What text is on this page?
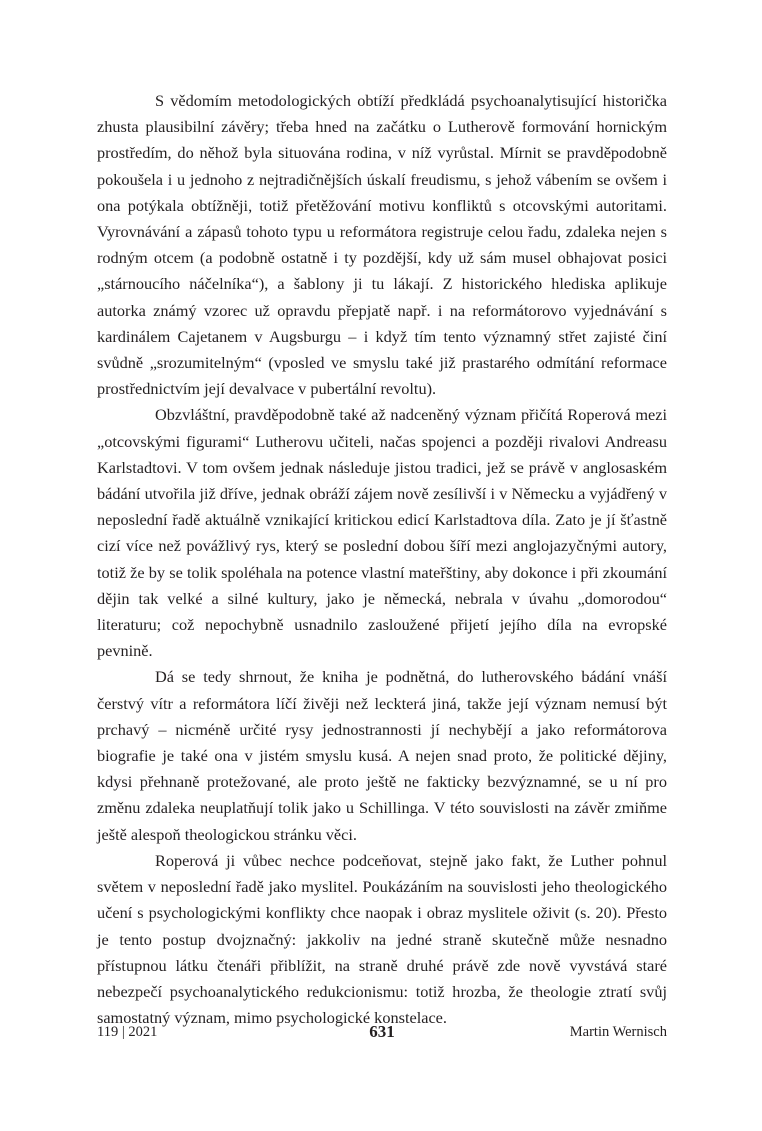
S vědomím metodologických obtíží předkládá psychoanalytisující historička zhusta plausibilní závěry; třeba hned na začátku o Lutherově formování hornickým prostředím, do něhož byla situována rodina, v níž vyrůstal. Mírnit se pravděpodobně pokoušela i u jednoho z nejtradičnějších úskalí freudismu, s jehož vábením se ovšem i ona potýkala obtížněji, totiž přetěžování motivu konfliktů s otcovskými autoritami. Vyrovnávání a zápasů tohoto typu u reformátora registruje celou řadu, zdaleka nejen s rodným otcem (a podobně ostatně i ty pozdější, kdy už sám musel obhajovat posici „stárnoucího náčelníka“), a šablony ji tu lákají. Z historického hlediska aplikuje autorka známý vzorec už opravdu přepjatě např. i na reformátorovo vyjednávání s kardinálem Cajetanem v Augsburgu – i když tím tento významný střet zajisté činí svůdně „srozumitelným“ (vposled ve smyslu také již prastarého odmítání reformace prostřednictvím její devalvace v pubertální revoltu).

Obzvláštní, pravděpodobně také až nadceněný význam přičítá Roperová mezi „otcovskými figurami“ Lutherovu učiteli, načas spojenci a později rivalovi Andreasu Karlstadtovi. V tom ovšem jednak následuje jistou tradici, jež se právě v anglosaském bádání utvořila již dříve, jednak obráží zájem nově zesílivší i v Německu a vyjádřený v neposlední řadě aktuálně vznikající kritickou edicí Karlstadtova díla. Zato je jí šťastně cizí více než povážlivý rys, který se poslední dobou šíří mezi anglojazyčnými autory, totiž že by se tolik spoléhala na potence vlastní mateřštiny, aby dokonce i při zkoumání dějin tak velké a silné kultury, jako je německá, nebrala v úvahu „domorodou“ literaturu; což nepochybně usnadnilo zasloužené přijetí jejího díla na evropské pevnině.

Dá se tedy shrnout, že kniha je podnětná, do lutherovského bádání vnáší čerstvý vítr a reformátora líčí živěji než leckterá jiná, takže její význam nemusí být prchavý – nicméně určité rysy jednostrannosti jí nechybějí a jako reformátorova biografie je také ona v jistém smyslu kusá. A nejen snad proto, že politické dějiny, kdysi přehnaně protežované, ale proto ještě ne fakticky bezvýznamné, se u ní pro změnu zdaleka neuplatňují tolik jako u Schillinga. V této souvislosti na závěr zmiňme ještě alespoň theologickou stránku věci.

Roperová ji vůbec nechce podceňovat, stejně jako fakt, že Luther pohnul světem v neposlední řadě jako myslitel. Poukázáním na souvislosti jeho theologického učení s psychologickými konflikty chce naopak i obraz myslitele oživit (s. 20). Přesto je tento postup dvojznačný: jakkoliv na jedné straně skutečně může nesnadno přístupnou látku čtenáři přiblížit, na straně druhé právě zde nově vyvstává staré nebezpečí psychoanalytického redukcionismu: totiž hrozba, že theologie ztratí svůj samostatný význam, mimo psychologické konstelace.

119 | 2021	631	Martin Wernisch
